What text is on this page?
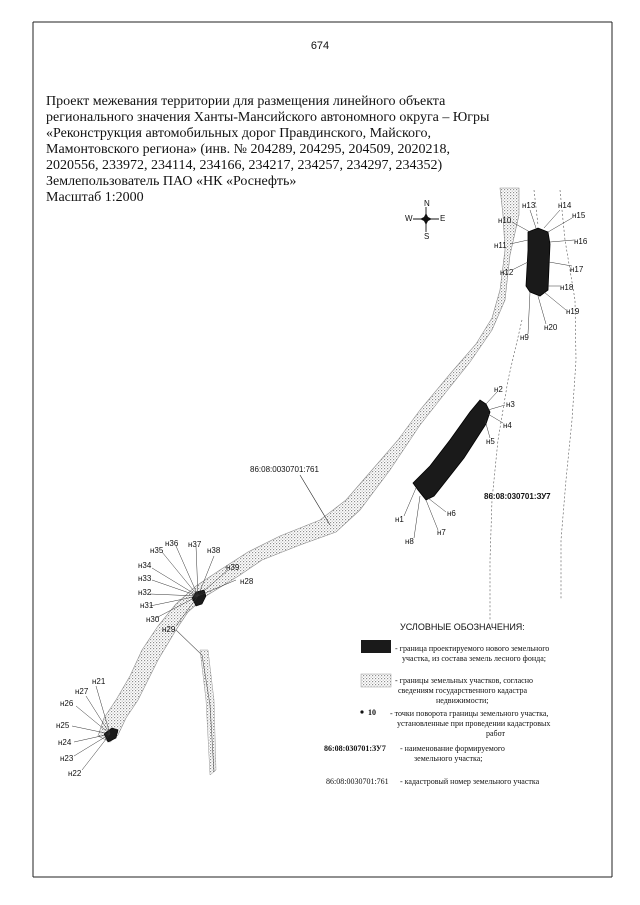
674
Проект межевания территории для размещения линейного объекта
регионального значения Ханты-Мансийского автономного округа – Югры
«Реконструкция автомобильных дорог Правдинского, Майского,
Мамонтовского региона» (инв. № 204289, 204295, 204509, 2020218,
2020556, 233972, 234114, 234166, 234217, 234257, 234297, 234352)
Землепользователь ПАО «НК «Роснефть»
Масштаб 1:2000	N
S
W	E
86:08:0030701:761
86:08:030701:ЗУ7
н1
н2
н3
н4
н5
н6
н7
н8
н9
н10
н11
н12
н13	н14
н15
н16
н17
н18
н19
н20
н21
н22
н23
н24
н25
н26
н27
н28
н29
н30
н31
н32
н33
н34
н35
н36 н37
н38
н39
УСЛОВНЫЕ ОБОЗНАЧЕНИЯ:
- граница проектируемого нового земельного
участка, из состава земель лесного фонда;
- границы земельных участков, согласно
сведениям государственного кадастра
недвижимости;
10 - точки поворота границы земельного участка,
установленные при проведении кадастровых
работ
86:08:030701:ЗУ7 - наименование формируемого
земельного участка;
86:08:0030701:761 - кадастровый номер земельного участка
